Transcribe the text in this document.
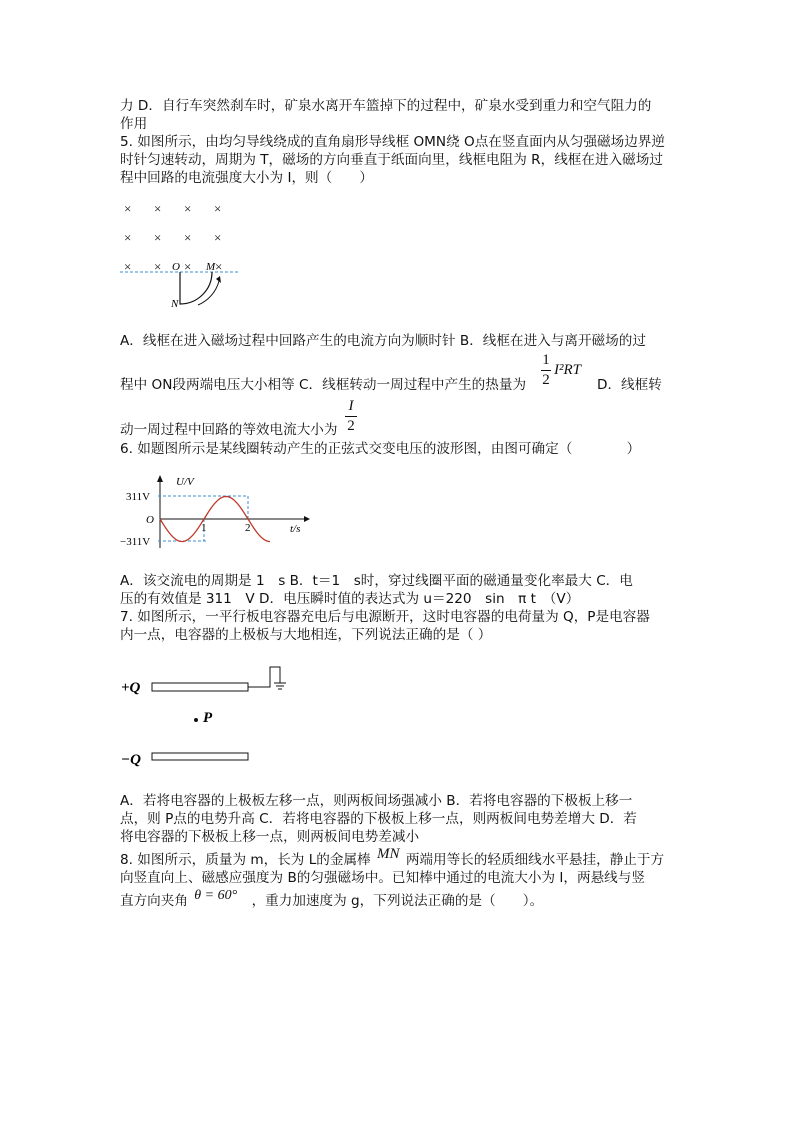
力 D．自行车突然刹车时，矿泉水离开车篮掉下的过程中，矿泉水受到重力和空气阻力的
作用
5. 如图所示，由均匀导线绕成的直角扇形导线框 OMN绕 O点在竖直面内从匀强磁场边界逆
时针匀速转动，周期为 T，磁场的方向垂直于纸面向里，线框电阻为 R，线框在进入磁场过
程中回路的电流强度大小为 I，则（　　）
× × × ×
× × × ×
× × × ×
O M
N
A．线框在进入磁场过程中回路产生的电流方向为顺时针 B．线框在进入与离开磁场的过
程中 ON段两端电压大小相等 C．线框转动一周过程中产生的热量为
1
2
I²RT
D．线框转
动一周过程中回路的等效电流大小为
I
2
6. 如题图所示是某线圈转动产生的正弦式交变电压的波形图，由图可确定（　　　　）
U/V
t/s
311V
−311V
O
1	2
A．该交流电的周期是 1　s B．t＝1　s时，穿过线圈平面的磁通量变化率最大 C．电
压的有效值是 311　V D．电压瞬时值的表达式为 u＝220　sin　π t　（V）
7. 如图所示，一平行板电容器充电后与电源断开，这时电容器的电荷量为 Q，P是电容器
内一点，电容器的上极板与大地相连，下列说法正确的是（ ）
+Q
P
−Q
A．若将电容器的上极板左移一点，则两板间场强减小 B．若将电容器的下极板上移一
点，则 P点的电势升高 C．若将电容器的下极板上移一点，则两板间电势差增大 D．若
将电容器的下极板上移一点，则两板间电势差减小
8. 如图所示，质量为 m，长为 L的金属棒 MN 两端用等长的轻质细线水平悬挂，静止于方
向竖直向上、磁感应强度为 B的匀强磁场中。已知棒中通过的电流大小为 I，两悬线与竖
直方向夹角 θ = 60° ，重力加速度为 g，下列说法正确的是（　　）。
